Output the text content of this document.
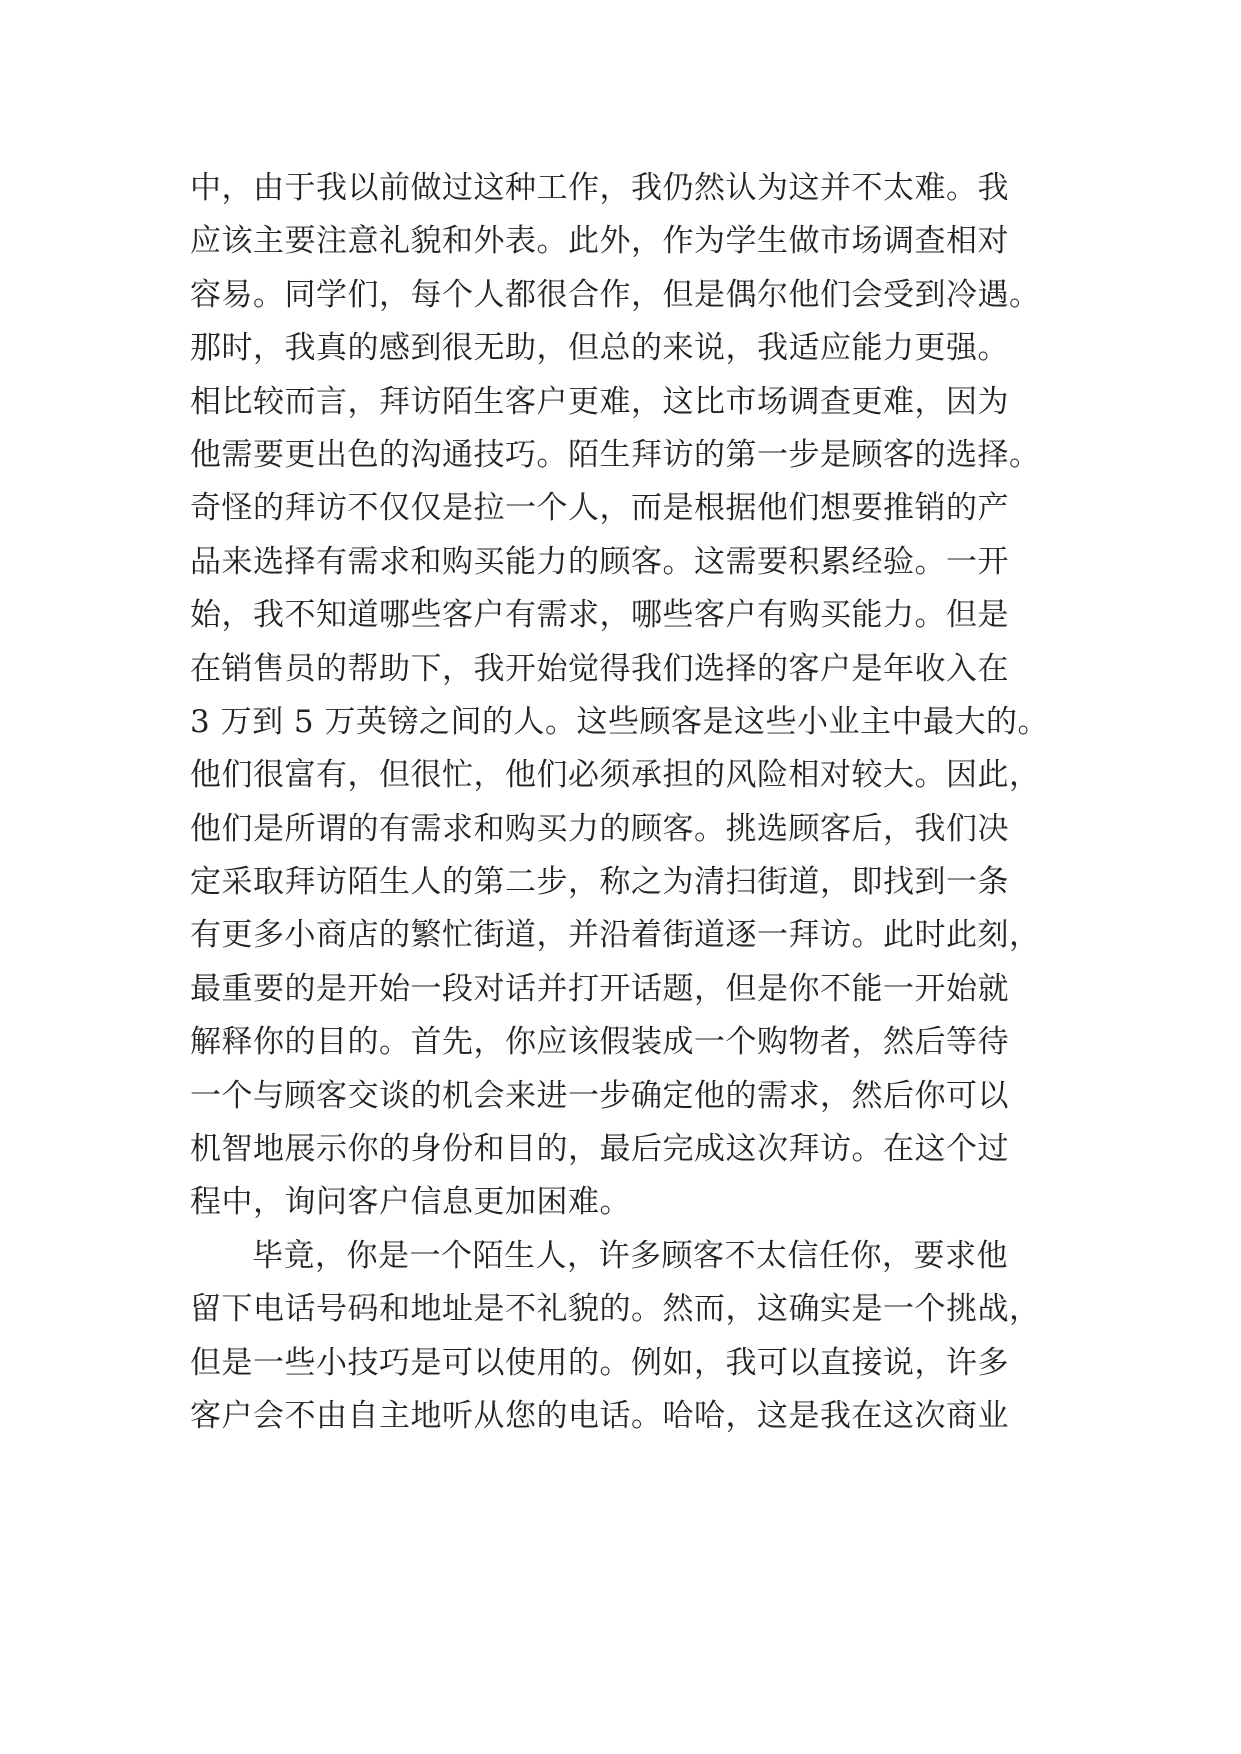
中，由于我以前做过这种工作，我仍然认为这并不太难。我
应该主要注意礼貌和外表。此外，作为学生做市场调查相对
容易。同学们，每个人都很合作，但是偶尔他们会受到冷遇。
那时，我真的感到很无助，但总的来说，我适应能力更强。
相比较而言，拜访陌生客户更难，这比市场调查更难，因为
他需要更出色的沟通技巧。陌生拜访的第一步是顾客的选择。
奇怪的拜访不仅仅是拉一个人，而是根据他们想要推销的产
品来选择有需求和购买能力的顾客。这需要积累经验。一开
始，我不知道哪些客户有需求，哪些客户有购买能力。但是
在销售员的帮助下，我开始觉得我们选择的客户是年收入在
3 万到 5 万英镑之间的人。这些顾客是这些小业主中最大的。
他们很富有，但很忙，他们必须承担的风险相对较大。因此，
他们是所谓的有需求和购买力的顾客。挑选顾客后，我们决
定采取拜访陌生人的第二步，称之为清扫街道，即找到一条
有更多小商店的繁忙街道，并沿着街道逐一拜访。此时此刻，
最重要的是开始一段对话并打开话题，但是你不能一开始就
解释你的目的。首先，你应该假装成一个购物者，然后等待
一个与顾客交谈的机会来进一步确定他的需求，然后你可以
机智地展示你的身份和目的，最后完成这次拜访。在这个过
程中，询问客户信息更加困难。
毕竟，你是一个陌生人，许多顾客不太信任你，要求他
留下电话号码和地址是不礼貌的。然而，这确实是一个挑战，
但是一些小技巧是可以使用的。例如，我可以直接说，许多
客户会不由自主地听从您的电话。哈哈，这是我在这次商业
